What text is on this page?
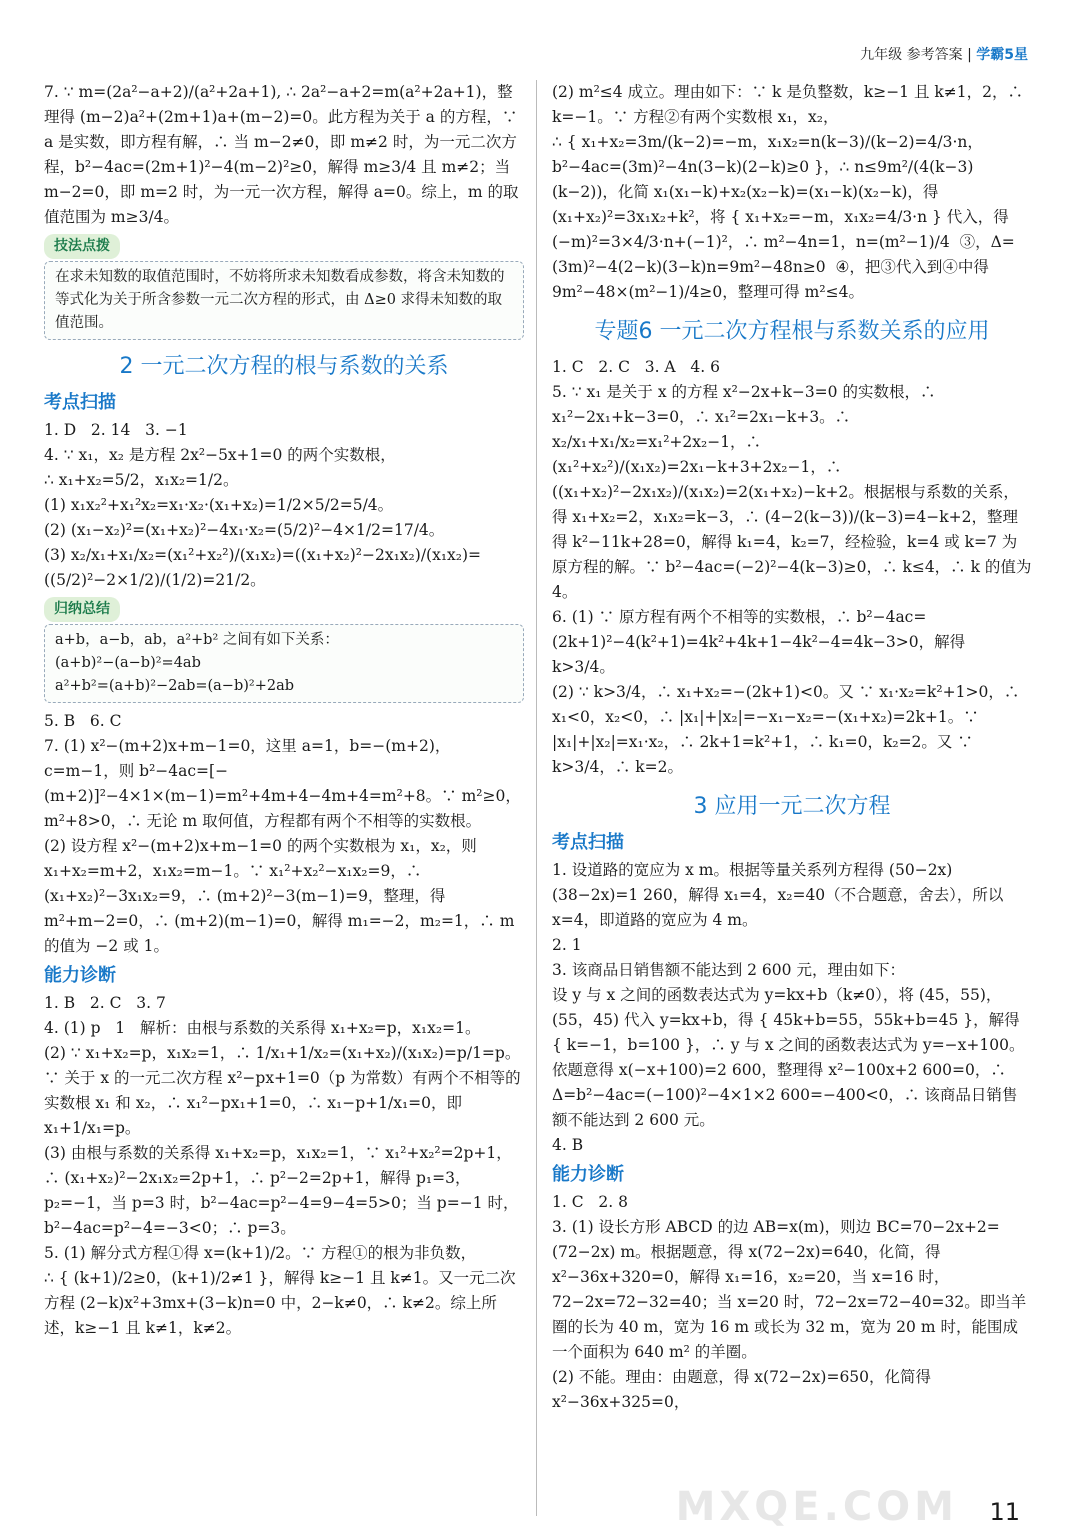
九年级 参考答案 | 学霸5星

7. ∵ m=(2a²−a+2)/(a²+2a+1), ∴ 2a²−a+2=m(a²+2a+1)，整理得 (m−2)a²+(2m+1)a+(m−2)=0。此方程为关于 a 的方程，∵ a 是实数，即方程有解，∴ 当 m−2≠0，即 m≠2 时，为一元二次方程，b²−4ac=(2m+1)²−4(m−2)²≥0，解得 m≥3/4 且 m≠2；当 m−2=0，即 m=2 时，为一元一次方程，解得 a=0。综上，m 的取值范围为 m≥3/4。

技法点拨

在求未知数的取值范围时，不妨将所求未知数看成参数，将含未知数的等式化为关于所含参数一元二次方程的形式，由 Δ≥0 求得未知数的取值范围。

2 一元二次方程的根与系数的关系
考点扫描

1. D   2. 14   3. −1

4. ∵ x₁，x₂ 是方程 2x²−5x+1=0 的两个实数根，
∴ x₁+x₂=5/2，x₁x₂=1/2。
(1) x₁x₂²+x₁²x₂=x₁·x₂·(x₁+x₂)=1/2×5/2=5/4。
(2) (x₁−x₂)²=(x₁+x₂)²−4x₁·x₂=(5/2)²−4×1/2=17/4。
(3) x₂/x₁+x₁/x₂=(x₁²+x₂²)/(x₁x₂)=((x₁+x₂)²−2x₁x₂)/(x₁x₂)=((5/2)²−2×1/2)/(1/2)=21/2。

归纳总结

a+b，a−b，ab，a²+b² 之间有如下关系：
(a+b)²−(a−b)²=4ab
a²+b²=(a+b)²−2ab=(a−b)²+2ab

5. B   6. C

7. (1) x²−(m+2)x+m−1=0，这里 a=1，b=−(m+2)，c=m−1，则 b²−4ac=[−(m+2)]²−4×1×(m−1)=m²+4m+4−4m+4=m²+8。∵ m²≥0，m²+8>0，∴ 无论 m 取何值，方程都有两个不相等的实数根。
(2) 设方程 x²−(m+2)x+m−1=0 的两个实数根为 x₁，x₂，则 x₁+x₂=m+2，x₁x₂=m−1。∵ x₁²+x₂²−x₁x₂=9，∴ (x₁+x₂)²−3x₁x₂=9，∴ (m+2)²−3(m−1)=9，整理，得 m²+m−2=0，∴ (m+2)(m−1)=0，解得 m₁=−2，m₂=1，∴ m 的值为 −2 或 1。

能力诊断

1. B   2. C   3. 7

4. (1) p   1   解析：由根与系数的关系得 x₁+x₂=p，x₁x₂=1。
(2) ∵ x₁+x₂=p，x₁x₂=1，∴ 1/x₁+1/x₂=(x₁+x₂)/(x₁x₂)=p/1=p。∵ 关于 x 的一元二次方程 x²−px+1=0（p 为常数）有两个不相等的实数根 x₁ 和 x₂，∴ x₁²−px₁+1=0，∴ x₁−p+1/x₁=0，即 x₁+1/x₁=p。
(3) 由根与系数的关系得 x₁+x₂=p，x₁x₂=1，∵ x₁²+x₂²=2p+1，∴ (x₁+x₂)²−2x₁x₂=2p+1，∴ p²−2=2p+1，解得 p₁=3，p₂=−1，当 p=3 时，b²−4ac=p²−4=9−4=5>0；当 p=−1 时，b²−4ac=p²−4=−3<0；∴ p=3。

5. (1) 解分式方程①得 x=(k+1)/2。∵ 方程①的根为非负数，
∴ { (k+1)/2≥0，(k+1)/2≠1 }，解得 k≥−1 且 k≠1。又一元二次方程 (2−k)x²+3mx+(3−k)n=0 中，2−k≠0，∴ k≠2。综上所述，k≥−1 且 k≠1，k≠2。

(2) m²≤4 成立。理由如下：∵ k 是负整数，k≥−1 且 k≠1，2，∴ k=−1。∵ 方程②有两个实数根 x₁，x₂，
∴ { x₁+x₂=3m/(k−2)=−m，x₁x₂=n(k−3)/(k−2)=4/3·n，b²−4ac=(3m)²−4n(3−k)(2−k)≥0 }，∴ n≤9m²/(4(k−3)(k−2))，化简 x₁(x₁−k)+x₂(x₂−k)=(x₁−k)(x₂−k)，得 (x₁+x₂)²=3x₁x₂+k²，将 { x₁+x₂=−m，x₁x₂=4/3·n } 代入，得 (−m)²=3×4/3·n+(−1)²，∴ m²−4n=1，n=(m²−1)/4  ③，Δ=(3m)²−4(2−k)(3−k)n=9m²−48n≥0  ④，把③代入到④中得 9m²−48×(m²−1)/4≥0，整理可得 m²≤4。

专题6 一元二次方程根与系数关系的应用

1. C   2. C   3. A   4. 6

5. ∵ x₁ 是关于 x 的方程 x²−2x+k−3=0 的实数根，∴ x₁²−2x₁+k−3=0，∴ x₁²=2x₁−k+3。∴ x₂/x₁+x₁/x₂=x₁²+2x₂−1，∴ (x₁²+x₂²)/(x₁x₂)=2x₁−k+3+2x₂−1，∴ ((x₁+x₂)²−2x₁x₂)/(x₁x₂)=2(x₁+x₂)−k+2。根据根与系数的关系，得 x₁+x₂=2，x₁x₂=k−3，∴ (4−2(k−3))/(k−3)=4−k+2，整理得 k²−11k+28=0，解得 k₁=4，k₂=7，经检验，k=4 或 k=7 为原方程的解。∵ b²−4ac=(−2)²−4(k−3)≥0，∴ k≤4，∴ k 的值为 4。

6. (1) ∵ 原方程有两个不相等的实数根，∴ b²−4ac=(2k+1)²−4(k²+1)=4k²+4k+1−4k²−4=4k−3>0，解得 k>3/4。
(2) ∵ k>3/4，∴ x₁+x₂=−(2k+1)<0。又 ∵ x₁·x₂=k²+1>0，∴ x₁<0，x₂<0，∴ |x₁|+|x₂|=−x₁−x₂=−(x₁+x₂)=2k+1。∵ |x₁|+|x₂|=x₁·x₂，∴ 2k+1=k²+1，∴ k₁=0，k₂=2。又 ∵ k>3/4，∴ k=2。

3 应用一元二次方程
考点扫描

1. 设道路的宽应为 x m。根据等量关系列方程得 (50−2x)(38−2x)=1 260，解得 x₁=4，x₂=40（不合题意，舍去），所以 x=4，即道路的宽应为 4 m。
2. 1
3. 该商品日销售额不能达到 2 600 元，理由如下：
设 y 与 x 之间的函数表达式为 y=kx+b（k≠0），将 (45，55)，(55，45) 代入 y=kx+b，得 { 45k+b=55，55k+b=45 }，解得 { k=−1，b=100 }，∴ y 与 x 之间的函数表达式为 y=−x+100。依题意得 x(−x+100)=2 600，整理得 x²−100x+2 600=0，∴ Δ=b²−4ac=(−100)²−4×1×2 600=−400<0，∴ 该商品日销售额不能达到 2 600 元。
4. B

能力诊断

1. C   2. 8

3. (1) 设长方形 ABCD 的边 AB=x(m)，则边 BC=70−2x+2=(72−2x) m。根据题意，得 x(72−2x)=640，化简，得 x²−36x+320=0，解得 x₁=16，x₂=20，当 x=16 时，72−2x=72−32=40；当 x=20 时，72−2x=72−40=32。即当羊圈的长为 40 m，宽为 16 m 或长为 32 m，宽为 20 m 时，能围成一个面积为 640 m² 的羊圈。
(2) 不能。理由：由题意，得 x(72−2x)=650，化简得 x²−36x+325=0，

MXQE.COM 11
